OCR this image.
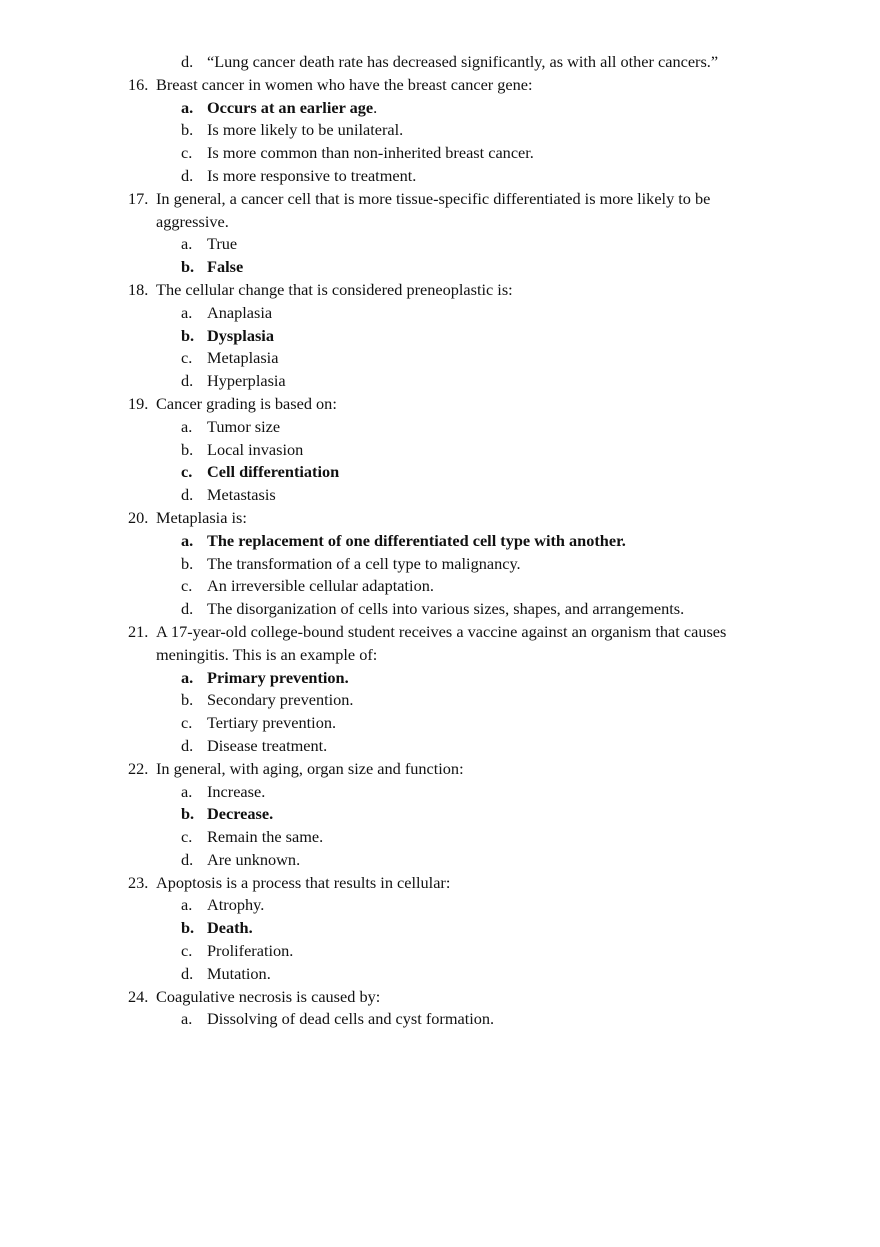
d. “Lung cancer death rate has decreased significantly, as with all other cancers.”
16. Breast cancer in women who have the breast cancer gene:
a. Occurs at an earlier age.
b. Is more likely to be unilateral.
c. Is more common than non-inherited breast cancer.
d. Is more responsive to treatment.
17. In general, a cancer cell that is more tissue-specific differentiated is more likely to be aggressive.
a. True
b. False
18. The cellular change that is considered preneoplastic is:
a. Anaplasia
b. Dysplasia
c. Metaplasia
d. Hyperplasia
19. Cancer grading is based on:
a. Tumor size
b. Local invasion
c. Cell differentiation
d. Metastasis
20. Metaplasia is:
a. The replacement of one differentiated cell type with another.
b. The transformation of a cell type to malignancy.
c. An irreversible cellular adaptation.
d. The disorganization of cells into various sizes, shapes, and arrangements.
21. A 17-year-old college-bound student receives a vaccine against an organism that causes meningitis. This is an example of:
a. Primary prevention.
b. Secondary prevention.
c. Tertiary prevention.
d. Disease treatment.
22. In general, with aging, organ size and function:
a. Increase.
b. Decrease.
c. Remain the same.
d. Are unknown.
23. Apoptosis is a process that results in cellular:
a. Atrophy.
b. Death.
c. Proliferation.
d. Mutation.
24. Coagulative necrosis is caused by:
a. Dissolving of dead cells and cyst formation.
